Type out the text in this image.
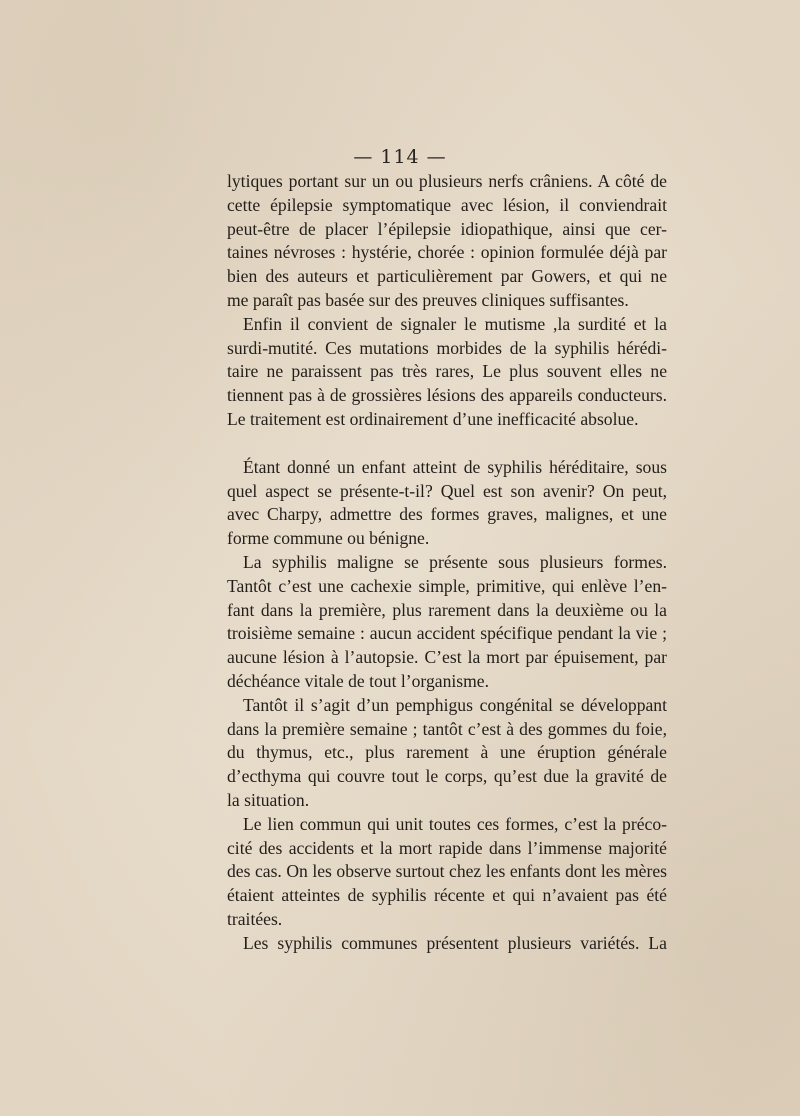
— 114 —
lytiques portant sur un ou plusieurs nerfs crâniens. A côté de
cette épilepsie symptomatique avec lésion, il conviendrait
peut-être de placer l’épilepsie idiopathique, ainsi que cer-
taines névroses : hystérie, chorée : opinion formulée déjà par
bien des auteurs et particulièrement par Gowers, et qui ne
me paraît pas basée sur des preuves cliniques suffisantes.
Enfin il convient de signaler le mutisme ,la surdité et la
surdi-mutité. Ces mutations morbides de la syphilis hérédi-
taire ne paraissent pas très rares, Le plus souvent elles ne
tiennent pas à de grossières lésions des appareils conducteurs.
Le traitement est ordinairement d’une inefficacité absolue.
Étant donné un enfant atteint de syphilis héréditaire, sous
quel aspect se présente-t-il? Quel est son avenir? On peut,
avec Charpy, admettre des formes graves, malignes, et une
forme commune ou bénigne.
La syphilis maligne se présente sous plusieurs formes.
Tantôt c’est une cachexie simple, primitive, qui enlève l’en-
fant dans la première, plus rarement dans la deuxième ou la
troisième semaine : aucun accident spécifique pendant la vie ;
aucune lésion à l’autopsie. C’est la mort par épuisement, par
déchéance vitale de tout l’organisme.
Tantôt il s’agit d’un pemphigus congénital se développant
dans la première semaine ; tantôt c’est à des gommes du foie,
du thymus, etc., plus rarement à une éruption générale
d’ecthyma qui couvre tout le corps, qu’est due la gravité de
la situation.
Le lien commun qui unit toutes ces formes, c’est la préco-
cité des accidents et la mort rapide dans l’immense majorité
des cas. On les observe surtout chez les enfants dont les mères
étaient atteintes de syphilis récente et qui n’avaient pas été
traitées.
Les syphilis communes présentent plusieurs variétés. La
